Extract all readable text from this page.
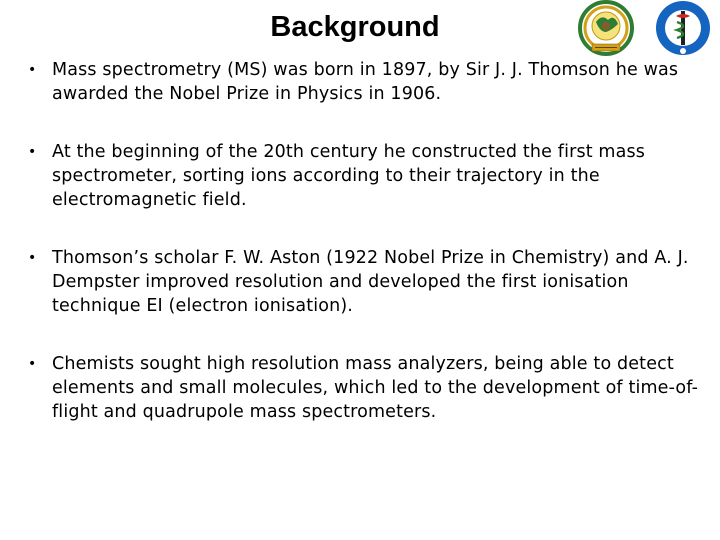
Background
• Mass spectrometry (MS) was born in 1897, by Sir J. J. Thomson he was awarded the Nobel Prize in Physics in 1906.
• At the beginning of the 20th century he constructed the first mass spectrometer, sorting ions according to their trajectory in the electromagnetic field.
• Thomson’s scholar F. W. Aston (1922 Nobel Prize in Chemistry) and A. J. Dempster improved resolution and developed the first ionisation technique EI (electron ionisation).
• Chemists sought high resolution mass analyzers, being able to detect elements and small molecules, which led to the development of time-of-flight and quadrupole mass spectrometers.
